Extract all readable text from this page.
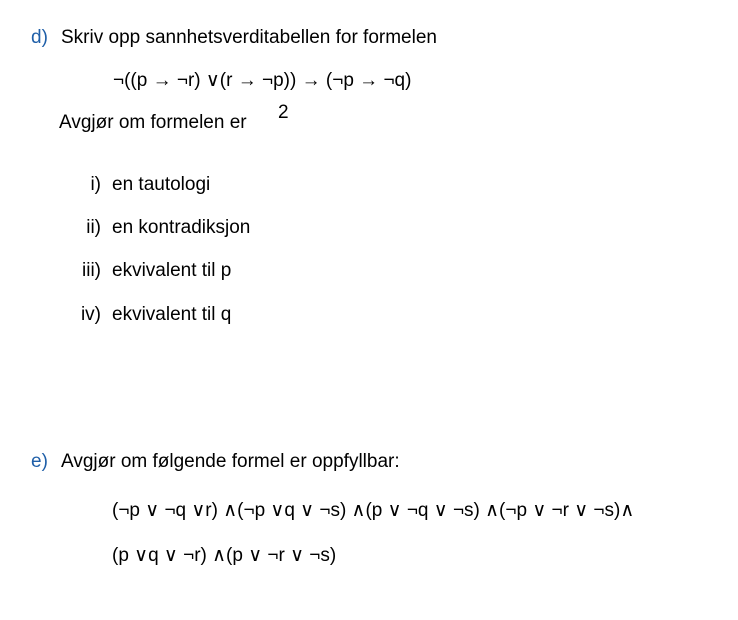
d) Skriv opp sannhetsverditabellen for formelen
¬((p → ¬r) ∨(r → ¬p)) → (¬p → ¬q)
Avgjør om formelen er 2
i) en tautologi
ii) en kontradiksjon
iii) ekvivalent til p
iv) ekvivalent til q
e) Avgjør om følgende formel er oppfyllbar:
(¬p ∨ ¬q ∨r) ∧(¬p ∨q ∨ ¬s) ∧(p ∨ ¬q ∨ ¬s) ∧(¬p ∨ ¬r ∨ ¬s)∧
(p ∨q ∨ ¬r) ∧(p ∨ ¬r ∨ ¬s)
